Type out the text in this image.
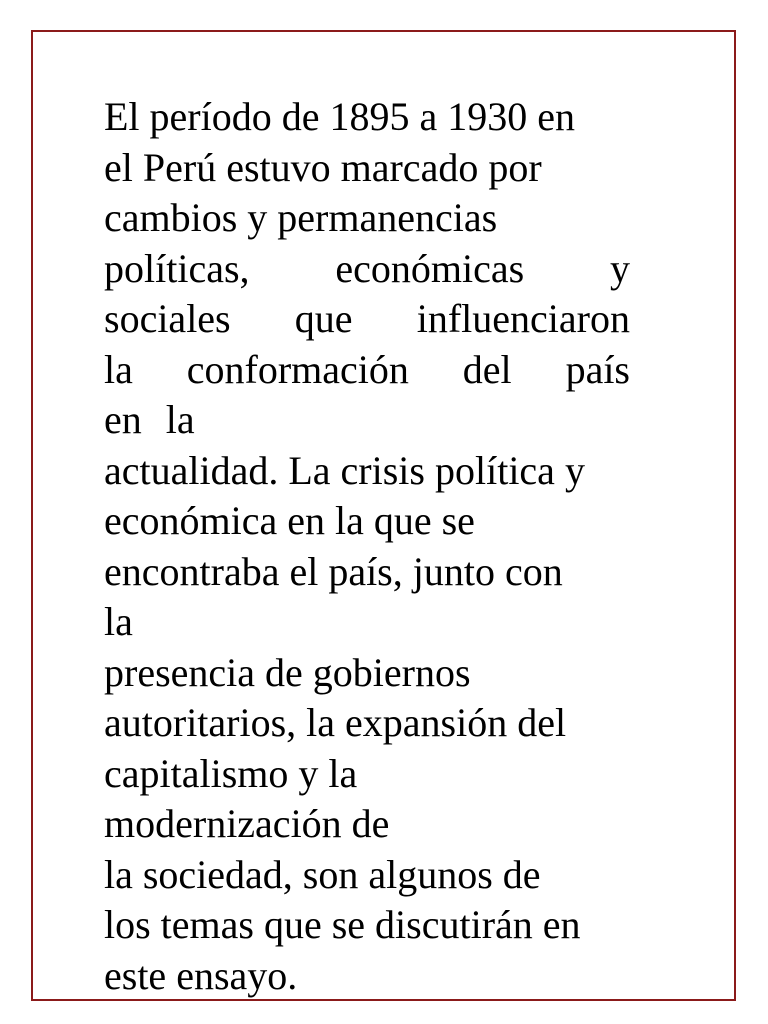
El período de 1895 a 1930 en
el Perú estuvo marcado por
cambios y permanencias
políticas, económicas y
sociales que influenciaron
la conformación del país
en la
actualidad. La crisis política y
económica en la que se
encontraba el país, junto con
la
presencia de gobiernos
autoritarios, la expansión del
capitalismo y la
modernización de
la sociedad, son algunos de
los temas que se discutirán en
este ensayo.
